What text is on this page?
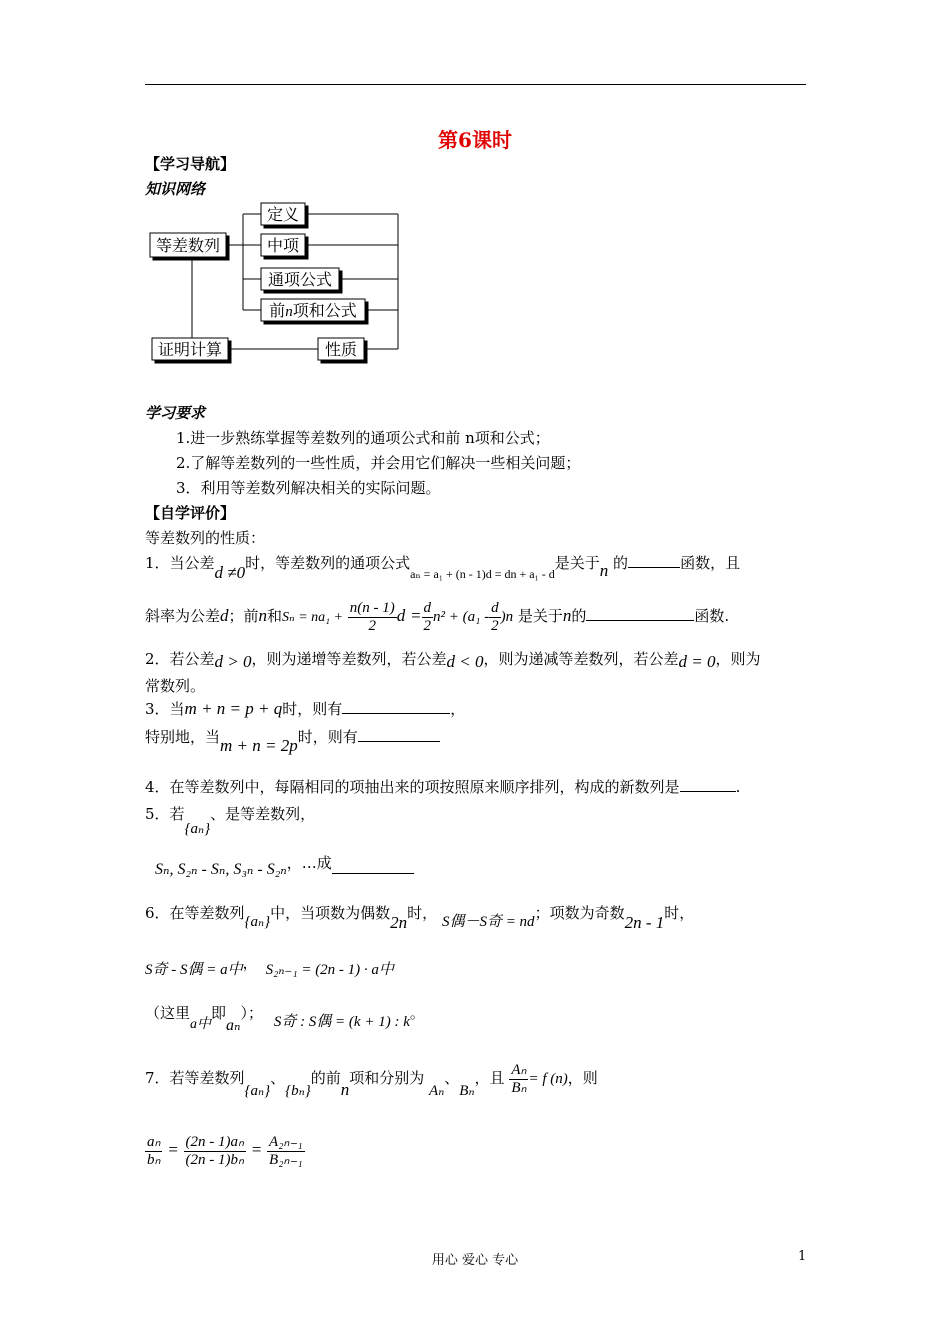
第6课时
【学习导航】
知识网络
等差数列
定义
中项
通项公式
前n项和公式
证明计算	性质
学习要求
1.进一步熟练掌握等差数列的通项公式和前 n项和公式；
2.了解等差数列的一些性质，并会用它们解决一些相关问题；
3．利用等差数列解决相关的实际问题。
【自学评价】
等差数列的性质：
1．当公差d ≠0时，等差数列的通项公式$_{a_n = a_1 + (n - 1)d = dn + a_1 - d}$是关于n 的	函数，且
斜率为公差d；前n和$S_n = na_1 + \frac{n(n - 1)}{2}$ $d = \frac{d}{2} n^2 + (a_1 - \frac{d}{2} )n$ 是关于n的	函数.
2．若公差d > 0，则为递增等差数列，若公差d < 0，则为递减等差数列，若公差d = 0，则为
常数列。
3．当m + n = p + q时，则有	，
特别地，当m + n = 2p时，则有
4．在等差数列中，每隔相同的项抽出来的项按照原来顺序排列，构成的新数列是	.
5．若{aₙ}、是等差数列，
Sₙ, S₂ₙ - Sₙ, S₃ₙ - S₂ₙ，…成
6．在等差数列{aₙ}中，当项数为偶数2n时， S偶－S奇 = nd；项数为奇数2n - 1时，
S奇 - S偶 = a中， S₂ₙ₋₁ = (2n - 1) · a中
（这里a中即aₙ）； S奇 : S偶 = (k + 1) : k。
7．若等差数列{aₙ}、{bₙ}的前n项和分别为 Aₙ、Bₙ，且 $\frac{\text{Aₙ}}{\text{Bₙ}} = f$ (n)，则
$\frac{\text{aₙ}}{\text{bₙ}} = \frac{\text{(2n - 1)aₙ}}{\text{(2n - 1)bₙ}} = \frac{\text{A₂ₙ₋₁}}{\text{B₂ₙ₋₁}}$
用心 爱心 专心	1
